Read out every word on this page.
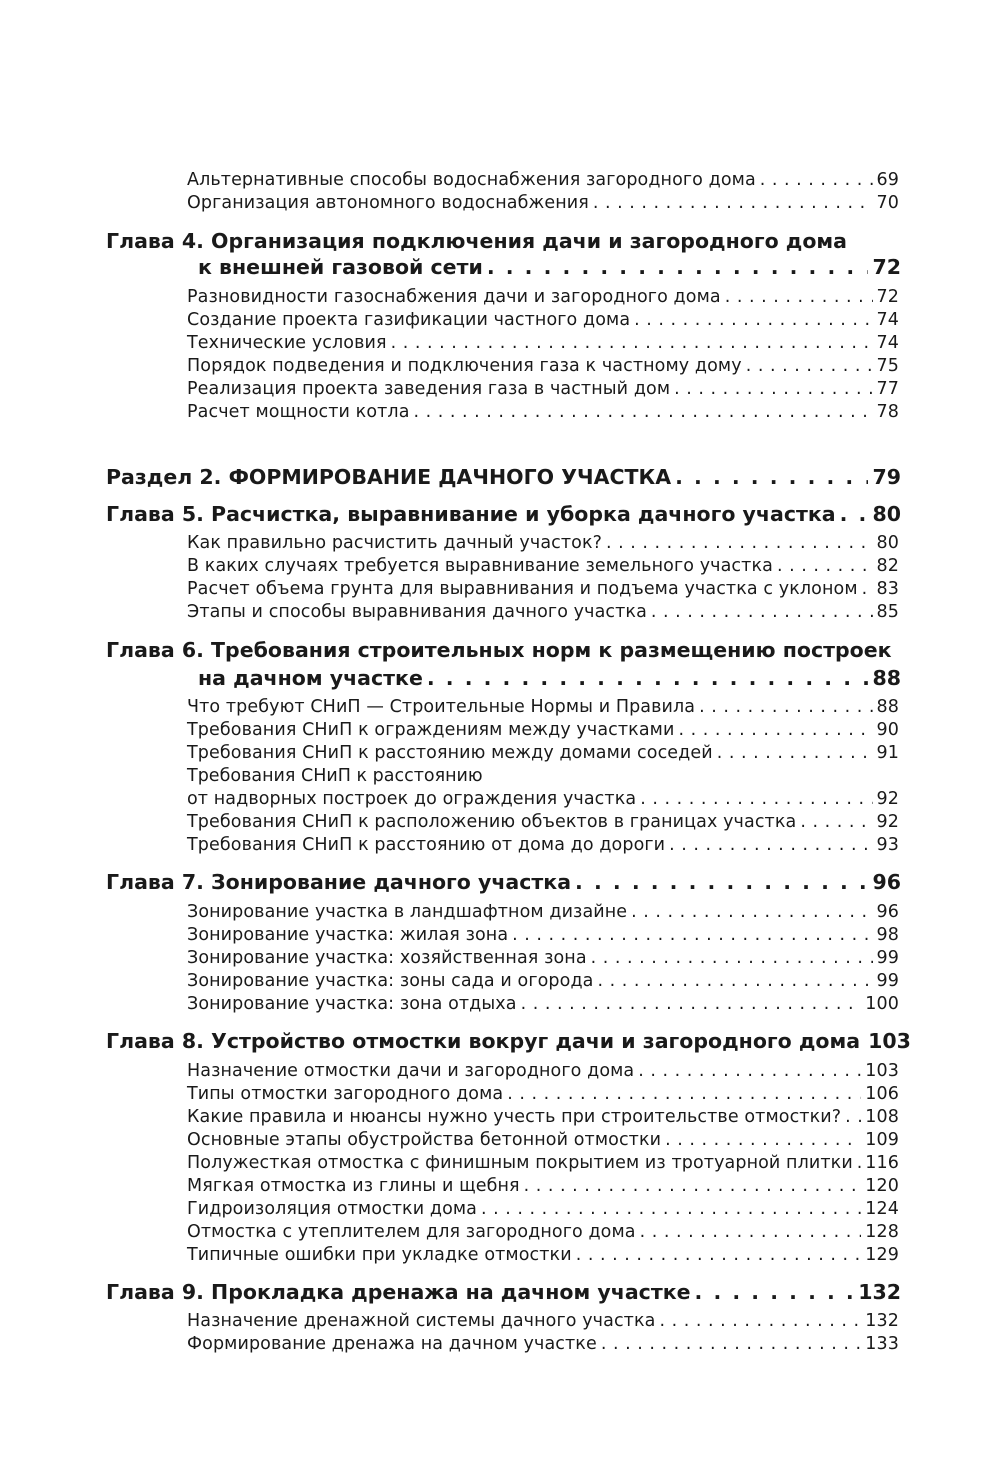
Альтернативные способы водоснабжения загородного дома . . .	69
Организация автономного водоснабжения . . .	70
Глава 4. Организация подключения дачи и загородного дома
к внешней газовой сети . . .	72
Разновидности газоснабжения дачи и загородного дома . . .	72
Создание проекта газификации частного дома . . .	74
Технические условия . . .	74
Порядок подведения и подключения газа к частному дому . . .	75
Реализация проекта заведения газа в частный дом . . .	77
Расчет мощности котла . . .	78
Раздел 2. ФОРМИРОВАНИЕ ДАЧНОГО УЧАСТКА . . .	79
Глава 5. Расчистка, выравнивание и уборка дачного участка . . . 80
Как правильно расчистить дачный участок? . . .	80
В каких случаях требуется выравнивание земельного участка . . .	82
Расчет объема грунта для выравнивания и подъема участка с уклоном . . . 83
Этапы и способы выравнивания дачного участка . . .	85
Глава 6. Требования строительных норм к размещению построек
на дачном участке . . .	88
Что требуют СНиП — Строительные Нормы и Правила . . .	88
Требования СНиП к ограждениям между участками . . .	90
Требования СНиП к расстоянию между домами соседей . . .	91
Требования СНиП к расстоянию
от надворных построек до ограждения участка . . .	92
Требования СНиП к расположению объектов в границах участка . . .	92
Требования СНиП к расстоянию от дома до дороги . . .	93
Глава 7. Зонирование дачного участка . . .	96
Зонирование участка в ландшафтном дизайне . . .	96
Зонирование участка: жилая зона . . .	98
Зонирование участка: хозяйственная зона . . .	99
Зонирование участка: зоны сада и огорода . . .	99
Зонирование участка: зона отдыха . . .	100
Глава 8. Устройство отмостки вокруг дачи и загородного дома 103
Назначение отмостки дачи и загородного дома . . .	103
Типы отмостки загородного дома . . .	106
Какие правила и нюансы нужно учесть при строительстве отмостки? . . . 108
Основные этапы обустройства бетонной отмостки . . .	109
Полужесткая отмостка с финишным покрытием из тротуарной плитки . . . 116
Мягкая отмостка из глины и щебня . . .	120
Гидроизоляция отмостки дома . . .	124
Отмостка с утеплителем для загородного дома . . .	128
Типичные ошибки при укладке отмостки . . .	129
Глава 9. Прокладка дренажа на дачном участке . . .	132
Назначение дренажной системы дачного участка . . .	132
Формирование дренажа на дачном участке . . .	133
